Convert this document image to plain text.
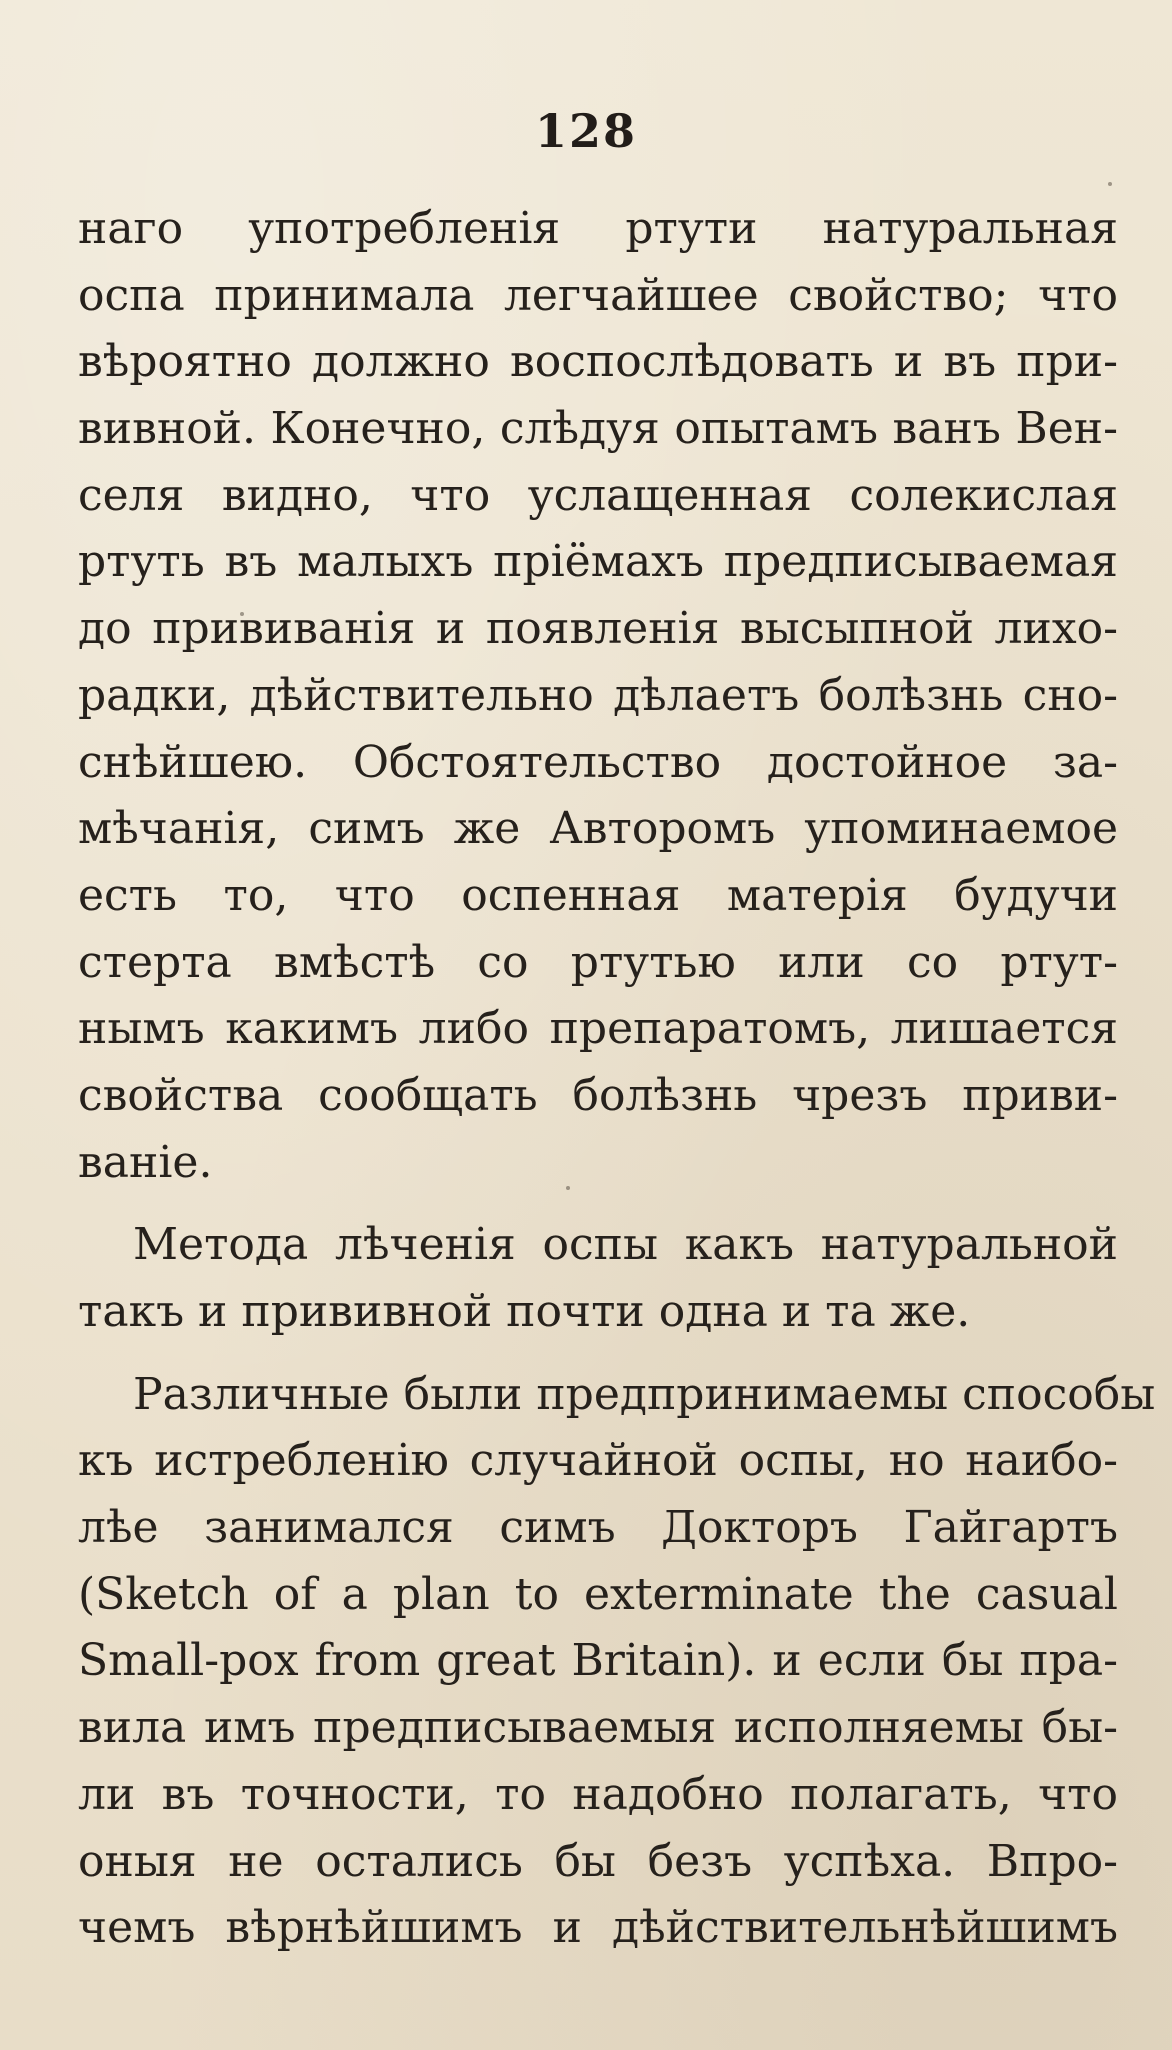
128
наго употребленія ртути натуральная
оспа принимала легчайшее свойство; что
вѣроятно должно воспослѣдовать и въ при-
вивной. Конечно, слѣдуя опытамъ ванъ Вен-
селя видно, что услащенная солекислая
ртуть въ малыхъ пріёмахъ предписываемая
до прививанія и появленія высыпной лихо-
радки, дѣйствительно дѣлаетъ болѣзнь сно-
снѣйшею. Обстоятельство достойное за-
мѣчанія, симъ же Авторомъ упоминаемое
есть то, что оспенная матерія будучи
стерта вмѣстѣ со ртутью или со ртут-
нымъ какимъ либо препаратомъ, лишается
свойства сообщать болѣзнь чрезъ приви-
ваніе.
Метода лѣченія оспы какъ натуральной
такъ и прививной почти одна и та же.
Различные были предпринимаемы способы
къ истребленію случайной оспы, но наибо-
лѣе занимался симъ Докторъ Гайгартъ
(Sketch of a plan to exterminate the casual
Small-pox from great Britain). и если бы пра-
вила имъ предписываемыя исполняемы бы-
ли въ точности, то надобно полагать, что
оныя не остались бы безъ успѣха. Впро-
чемъ вѣрнѣйшимъ и дѣйствительнѣйшимъ
